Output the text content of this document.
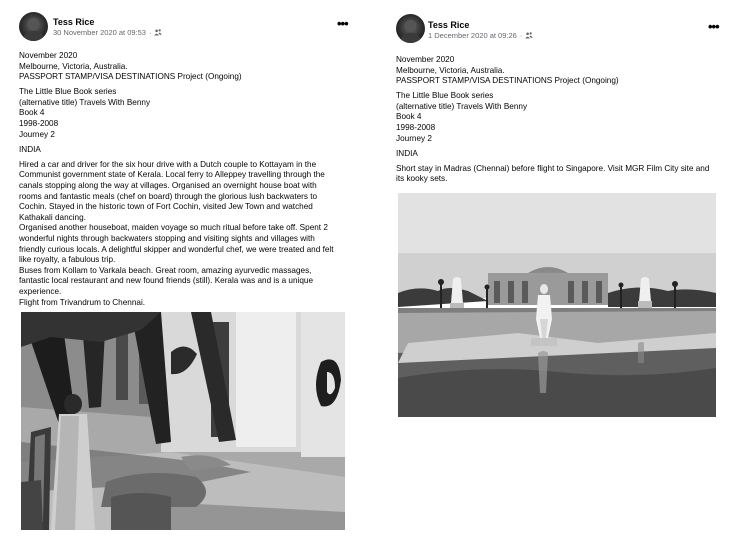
Tess Rice
30 November 2020 at 09:53 ·
•••
November 2020
Melbourne, Victoria, Australia.
PASSPORT STAMP/VISA DESTINATIONS Project (Ongoing)
The Little Blue Book series
(alternative title) Travels With Benny
Book 4
1998-2008
Journey 2
INDIA
Hired a car and driver for the six hour drive with a Dutch couple to Kottayam in the
Communist government state of Kerala. Local ferry to Alleppey travelling through the
canals stopping along the way at villages. Organised an overnight house boat with
rooms and fantastic meals (chef on board) through the glorious lush backwaters to
Cochin. Stayed in the historic town of Fort Cochin, visited Jew Town and watched
Kathakali dancing.
Organised another houseboat, maiden voyage so much ritual before take off. Spent 2
wonderful nights through backwaters stopping and visiting sights and villages with
friendly curious locals. A delightful skipper and wonderful chef, we were treated and felt
like royalty, a fabulous trip.
Buses from Kollam to Varkala beach. Great room, amazing ayurvedic massages,
fantastic local restaurant and new found friends (still). Kerala was and is a unique
experience.
Flight from Trivandrum to Chennai.
Tess Rice
1 December 2020 at 09:26 ·
•••
November 2020
Melbourne, Victoria, Australia.
PASSPORT STAMP/VISA DESTINATIONS Project (Ongoing)
The Little Blue Book series
(alternative title) Travels With Benny
Book 4
1998-2008
Journey 2
INDIA
Short stay in Madras (Chennai) before flight to Singapore. Visit MGR Film City site and
its kooky sets.
